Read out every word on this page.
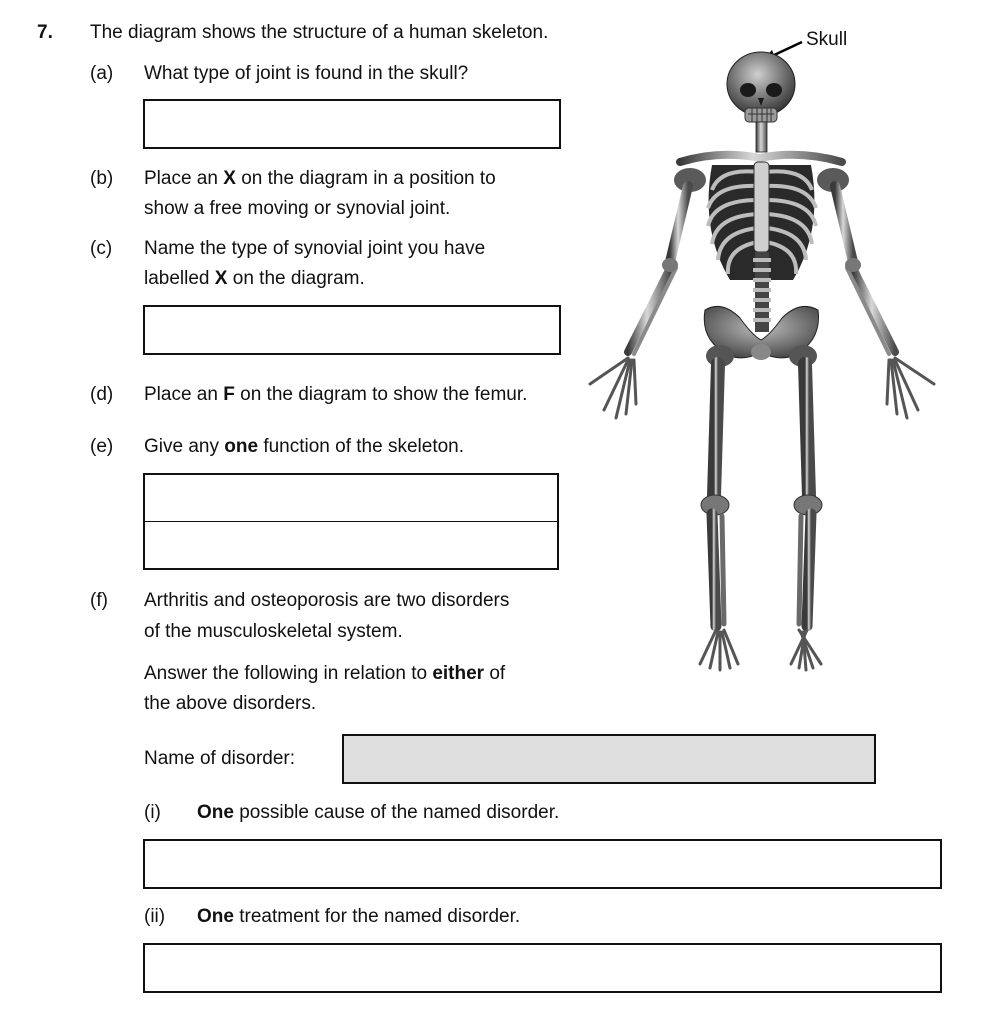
7. The diagram shows the structure of a human skeleton.
(a) What type of joint is found in the skull?
(b) Place an X on the diagram in a position to
show a free moving or synovial joint.
(c) Name the type of synovial joint you have
labelled X on the diagram.
(d) Place an F on the diagram to show the femur.
(e) Give any one function of the skeleton.
(f) Arthritis and osteoporosis are two disorders
of the musculoskeletal system.
Answer the following in relation to either of
the above disorders.
Name of disorder:
(i) One possible cause of the named disorder.
(ii) One treatment for the named disorder.
Skull
